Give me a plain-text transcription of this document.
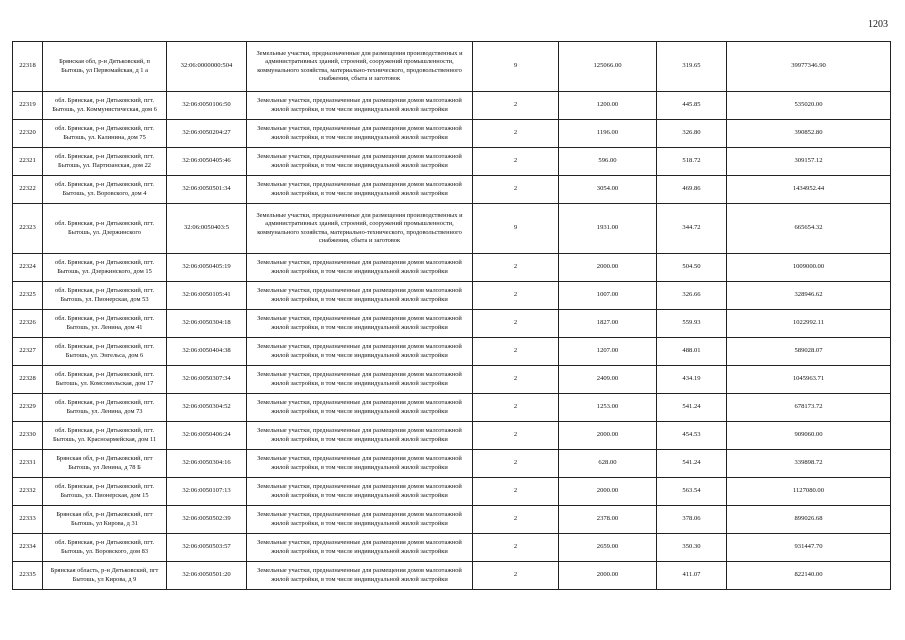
1203
22318	Брянская обл, р-н Дятьковский, п Бытошь, ул Первомайская, д 1 а	32:06:0000000:504	Земельные участки, предназначенные для размещения производственных и административных зданий, строений, сооружений промышленности, коммунального хозяйства, материально-технического, продовольственного снабжения, сбыта и заготовок	9	125066.00	319.65	39977346.90
22319	обл. Брянская, р-н Дятьковский, пгт. Бытошь, ул. Коммунистическая, дом 6	32:06:0050106:50	Земельные участки, предназначенные для размещения домов малоэтажной жилой застройки, в том числе индивидуальной жилой застройки	2	1200.00	445.85	535020.00
22320	обл. Брянская, р-н Дятьковский, пгт. Бытошь, ул. Калинина, дом 75	32:06:0050204:27	Земельные участки, предназначенные для размещения домов малоэтажной жилой застройки, в том числе индивидуальной жилой застройки	2	1196.00	326.80	390852.80
22321	обл. Брянская, р-н Дятьковский, пгт. Бытошь, ул. Партизанская, дом 22	32:06:0050405:46	Земельные участки, предназначенные для размещения домов малоэтажной жилой застройки, в том числе индивидуальной жилой застройки	2	596.00	518.72	309157.12
22322	обл. Брянская, р-н Дятьковский, пгт. Бытошь, ул. Воровского, дом 4	32:06:0050501:34	Земельные участки, предназначенные для размещения домов малоэтажной жилой застройки, в том числе индивидуальной жилой застройки	2	3054.00	469.86	1434952.44
22323	обл. Брянская, р-н Дятьковский, пгт. Бытошь, ул. Дзержинского	32:06:0050403:5	Земельные участки, предназначенные для размещения производственных и административных зданий, строений, сооружений промышленности, коммунального хозяйства, материально-технического, продовольственного снабжения, сбыта и заготовок	9	1931.00	344.72	665654.32
22324	обл. Брянская, р-н Дятьковский, пгт. Бытошь, ул. Дзержинского, дом 15	32:06:0050405:19	Земельные участки, предназначенные для размещения домов малоэтажной жилой застройки, в том числе индивидуальной жилой застройки	2	2000.00	504.50	1009000.00
22325	обл. Брянская, р-н Дятьковский, пгт. Бытошь, ул. Пионерская, дом 53	32:06:0050105:41	Земельные участки, предназначенные для размещения домов малоэтажной жилой застройки, в том числе индивидуальной жилой застройки	2	1007.00	326.66	328946.62
22326	обл. Брянская, р-н Дятьковский, пгт. Бытошь, ул. Ленина, дом 41	32:06:0050304:18	Земельные участки, предназначенные для размещения домов малоэтажной жилой застройки, в том числе индивидуальной жилой застройки	2	1827.00	559.93	1022992.11
22327	обл. Брянская, р-н Дятьковский, пгт. Бытошь, ул. Энгельса, дом 6	32:06:0050404:38	Земельные участки, предназначенные для размещения домов малоэтажной жилой застройки, в том числе индивидуальной жилой застройки	2	1207.00	488.01	589028.07
22328	обл. Брянская, р-н Дятьковский, пгт. Бытошь, ул. Комсомольская, дом 17	32:06:0050307:34	Земельные участки, предназначенные для размещения домов малоэтажной жилой застройки, в том числе индивидуальной жилой застройки	2	2409.00	434.19	1045963.71
22329	обл. Брянская, р-н Дятьковский, пгт. Бытошь, ул. Ленина, дом 73	32:06:0050304:52	Земельные участки, предназначенные для размещения домов малоэтажной жилой застройки, в том числе индивидуальной жилой застройки	2	1253.00	541.24	678173.72
22330	обл. Брянская, р-н Дятьковский, пгт. Бытошь, ул. Красноармейская, дом 11	32:06:0050406:24	Земельные участки, предназначенные для размещения домов малоэтажной жилой застройки, в том числе индивидуальной жилой застройки	2	2000.00	454.53	909060.00
22331	Брянская обл, р-н Дятьковский, пгт Бытошь, ул Ленина, д 78 Б	32:06:0050304:16	Земельные участки, предназначенные для размещения домов малоэтажной жилой застройки, в том числе индивидуальной жилой застройки	2	628.00	541.24	339898.72
22332	обл. Брянская, р-н Дятьковский, пгт. Бытошь, ул. Пионерская, дом 15	32:06:0050107:13	Земельные участки, предназначенные для размещения домов малоэтажной жилой застройки, в том числе индивидуальной жилой застройки	2	2000.00	563.54	1127080.00
22333	Брянская обл, р-н Дятьковский, пгт Бытошь, ул Кирова, д 31	32:06:0050502:39	Земельные участки, предназначенные для размещения домов малоэтажной жилой застройки, в том числе индивидуальной жилой застройки	2	2378.00	378.06	899026.68
22334	обл. Брянская, р-н Дятьковский, пгт. Бытошь, ул. Воровского, дом 83	32:06:0050503:57	Земельные участки, предназначенные для размещения домов малоэтажной жилой застройки, в том числе индивидуальной жилой застройки	2	2659.00	350.30	931447.70
22335	Брянская область, р-н Дятьковский, пгт Бытошь, ул Кирова, д 9	32:06:0050501:20	Земельные участки, предназначенные для размещения домов малоэтажной жилой застройки, в том числе индивидуальной жилой застройки	2	2000.00	411.07	822140.00
